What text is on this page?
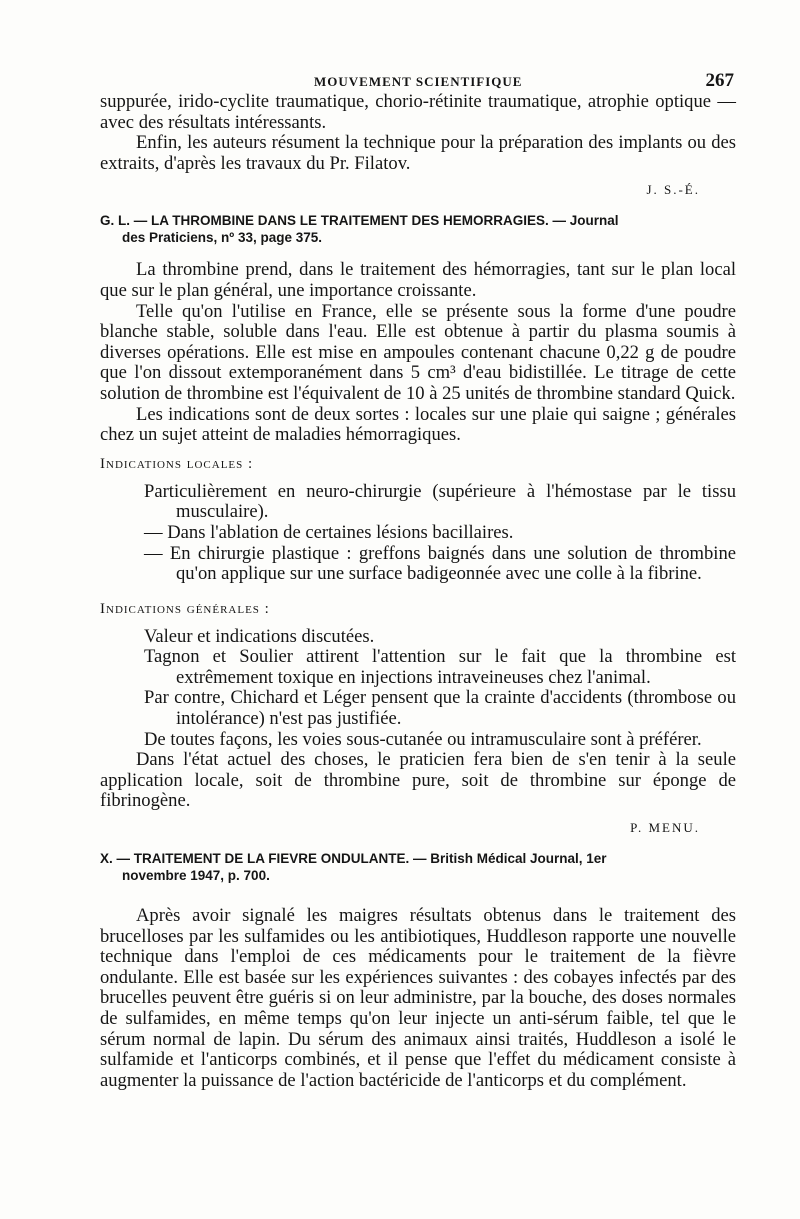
MOUVEMENT SCIENTIFIQUE	267

suppurée, irido-cyclite traumatique, chorio-rétinite traumatique, atrophie optique — avec des résultats intéressants.

Enfin, les auteurs résument la technique pour la préparation des implants ou des extraits, d'après les travaux du Pr. Filatov.

J. S.-É.

G. L. — LA THROMBINE DANS LE TRAITEMENT DES HEMORRAGIES. — Journal

des Praticiens, nº 33, page 375.

La thrombine prend, dans le traitement des hémorragies, tant sur le plan local que sur le plan général, une importance croissante.

Telle qu'on l'utilise en France, elle se présente sous la forme d'une poudre blanche stable, soluble dans l'eau. Elle est obtenue à partir du plasma soumis à diverses opérations. Elle est mise en ampoules contenant chacune 0,22 g de poudre que l'on dissout extemporanément dans 5 cm³ d'eau bidistillée. Le titrage de cette solution de thrombine est l'équivalent de 10 à 25 unités de thrombine standard Quick.

Les indications sont de deux sortes : locales sur une plaie qui saigne ; générales chez un sujet atteint de maladies hémorragiques.

Indications locales :

Particulièrement en neuro-chirurgie (supérieure à l'hémostase par le tissu musculaire).

— Dans l'ablation de certaines lésions bacillaires.

— En chirurgie plastique : greffons baignés dans une solution de thrombine qu'on applique sur une surface badigeonnée avec une colle à la fibrine.

Indications générales :

Valeur et indications discutées.

Tagnon et Soulier attirent l'attention sur le fait que la thrombine est extrêmement toxique en injections intraveineuses chez l'animal.

Par contre, Chichard et Léger pensent que la crainte d'accidents (thrombose ou intolérance) n'est pas justifiée.

De toutes façons, les voies sous-cutanée ou intramusculaire sont à préférer.

Dans l'état actuel des choses, le praticien fera bien de s'en tenir à la seule application locale, soit de thrombine pure, soit de thrombine sur éponge de fibrinogène.

P. MENU.

X. — TRAITEMENT DE LA FIEVRE ONDULANTE. — British Médical Journal, 1er

novembre 1947, p. 700.

Après avoir signalé les maigres résultats obtenus dans le traitement des brucelloses par les sulfamides ou les antibiotiques, Huddleson rapporte une nouvelle technique dans l'emploi de ces médicaments pour le traitement de la fièvre ondulante. Elle est basée sur les expériences suivantes : des cobayes infectés par des brucelles peuvent être guéris si on leur administre, par la bouche, des doses normales de sulfamides, en même temps qu'on leur injecte un anti-sérum faible, tel que le sérum normal de lapin. Du sérum des animaux ainsi traités, Huddleson a isolé le sulfamide et l'anticorps combinés, et il pense que l'effet du médicament consiste à augmenter la puissance de l'action bactéricide de l'anticorps et du complément.
